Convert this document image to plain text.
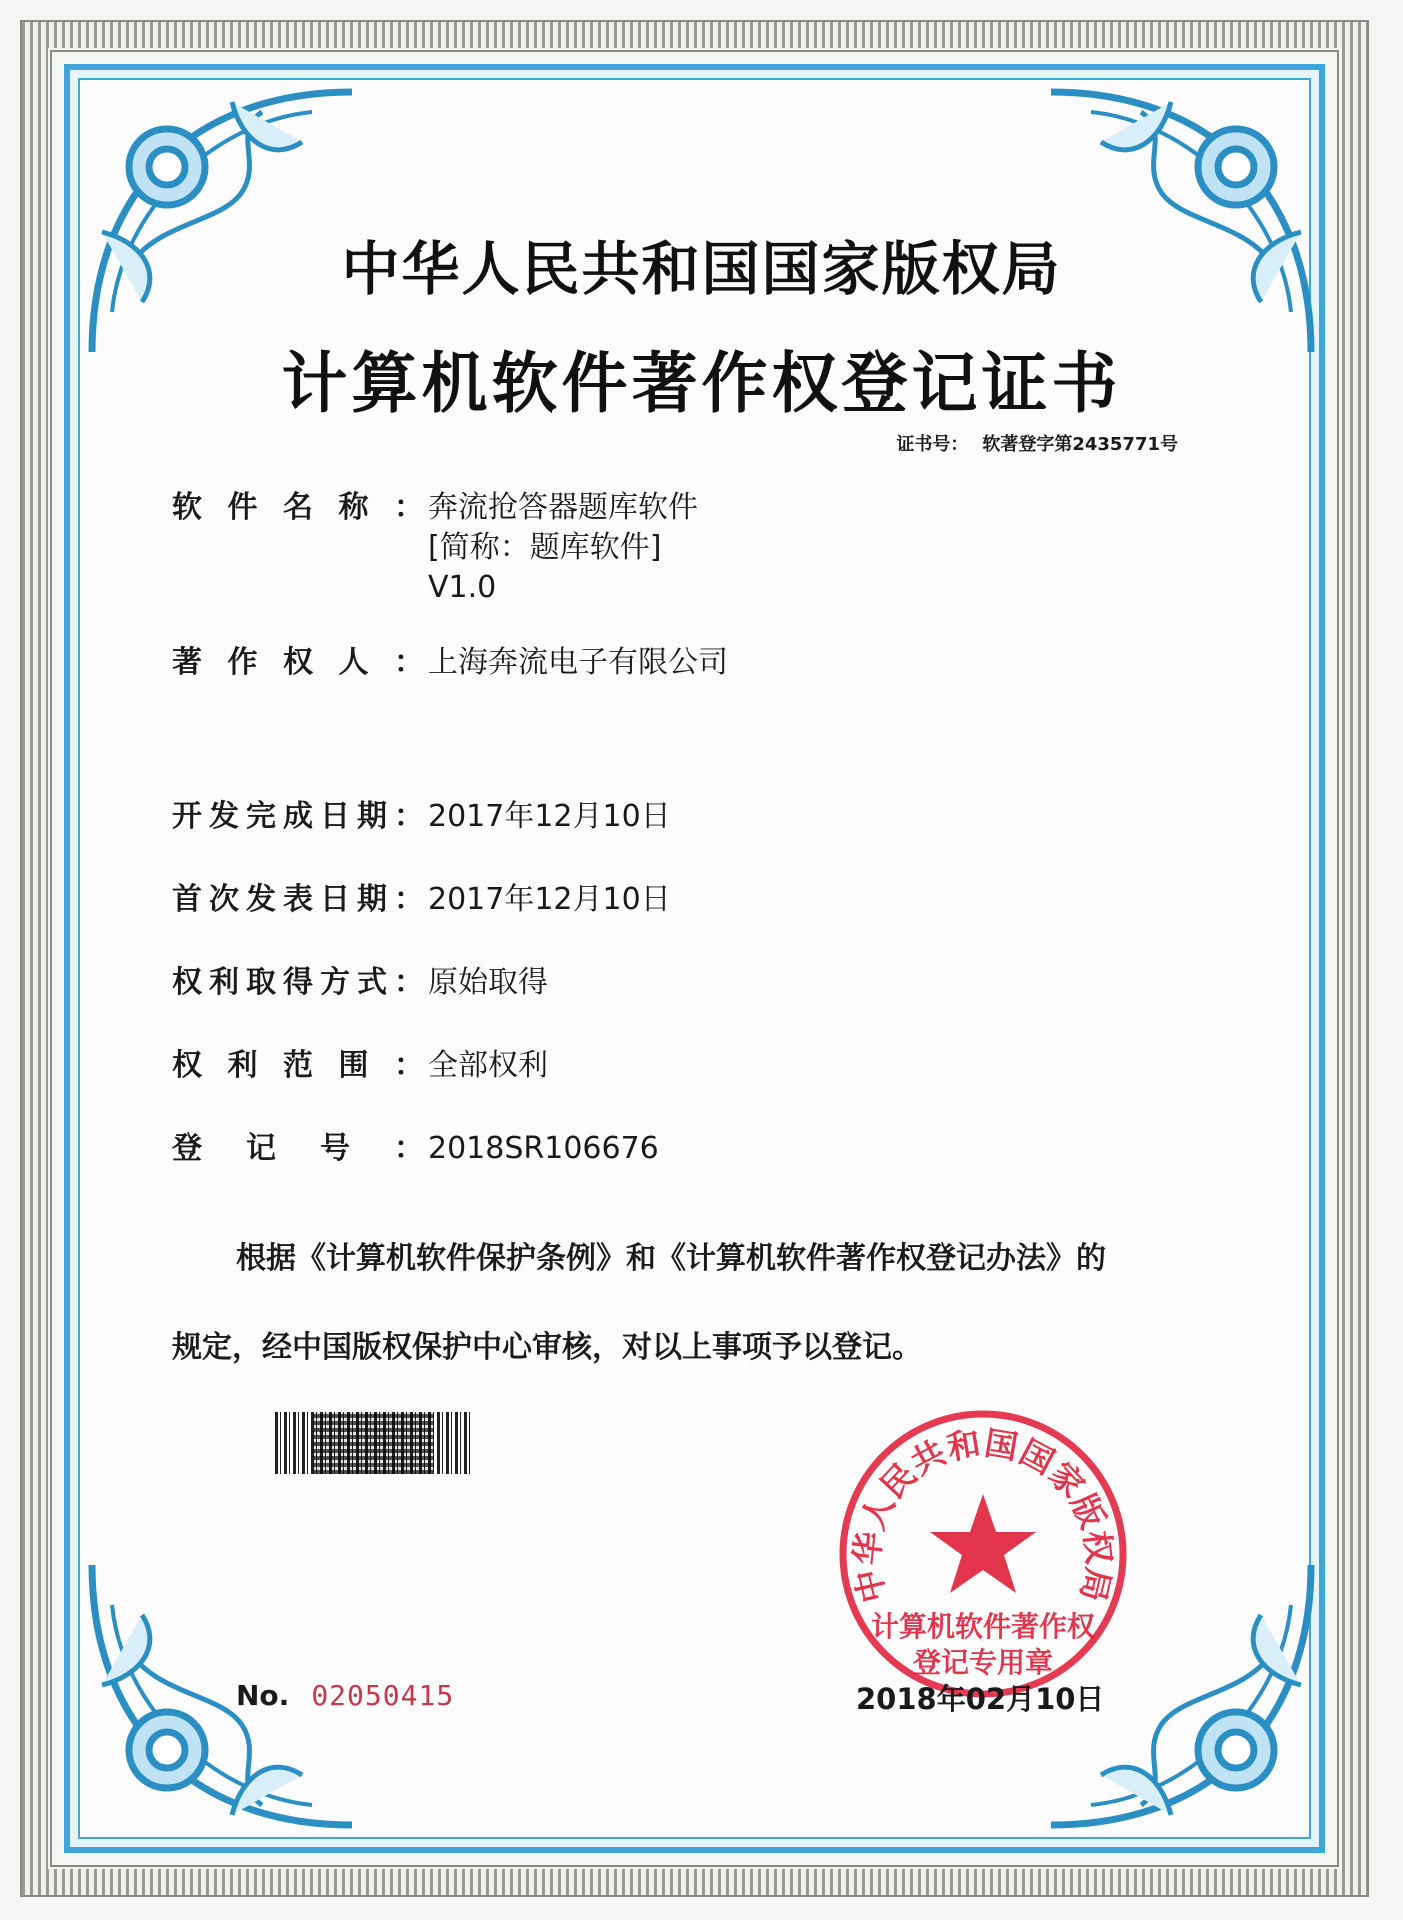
中华人民共和国国家版权局
计算机软件著作权登记证书
证书号： 软著登字第2435771号
软 件 名 称 ： 奔流抢答器题库软件
[简称：题库软件]
V1.0
著 作 权 人 ： 上海奔流电子有限公司
开 发 完 成 日 期 ： 2017年12月10日
首 次 发 表 日 期 ： 2017年12月10日
权 利 取 得 方 式 ： 原始取得
权 利 范 围 ： 全部权利
登 记 号 ： 2018SR106676
根据《计算机软件保护条例》和《计算机软件著作权登记办法》的
规定，经中国版权保护中心审核，对以上事项予以登记。
No. 02050415
中华人民共和国国家版权局
计算机软件著作权
登记专用章
2018年02月10日
